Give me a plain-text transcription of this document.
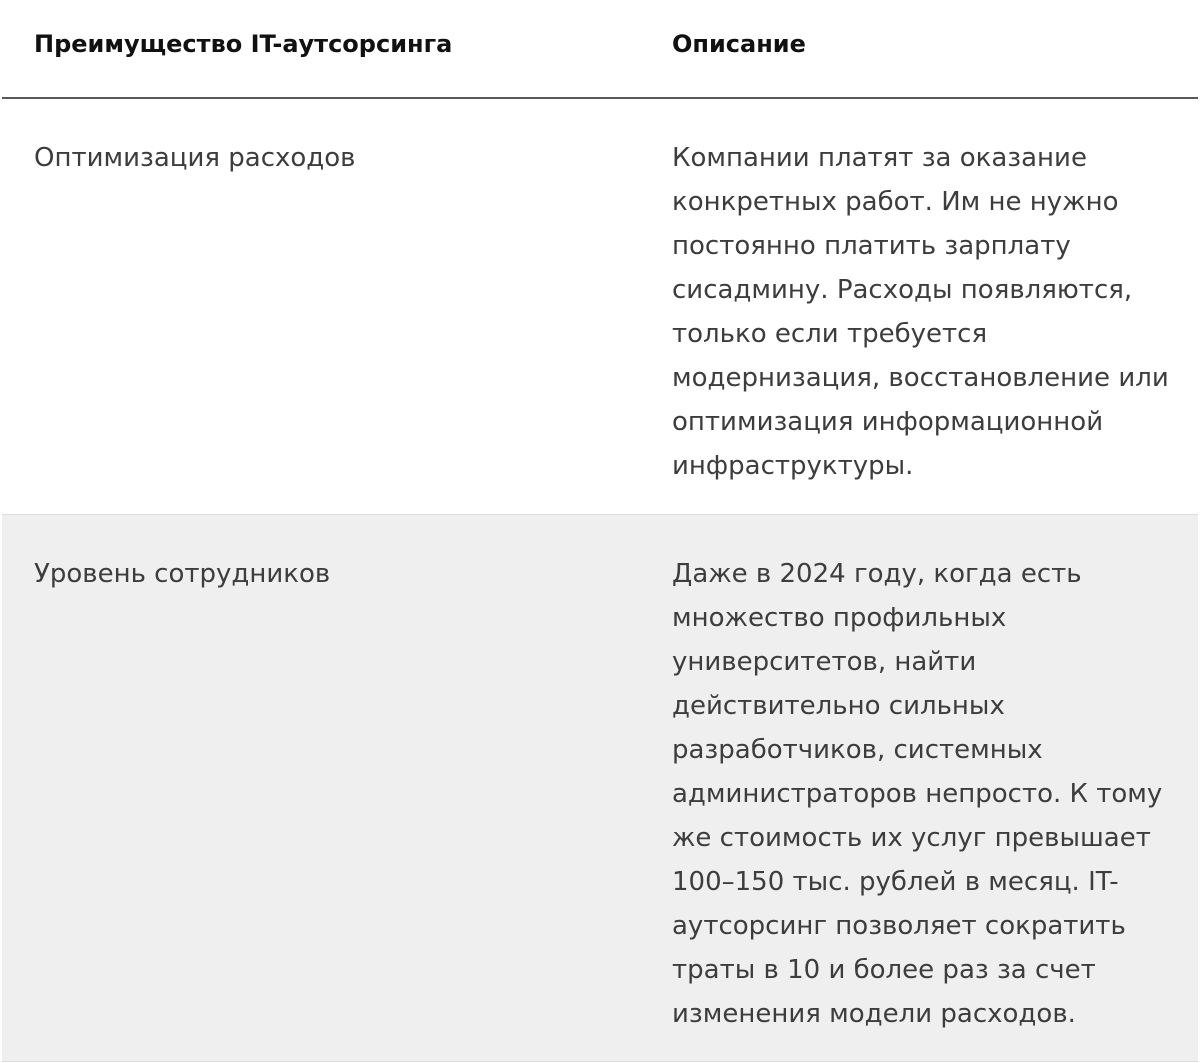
Преимущество IT-аутсорсинга	Описание
Оптимизация расходов	Компании платят за оказание
конкретных работ. Им не нужно
постоянно платить зарплату
сисадмину. Расходы появляются,
только если требуется
модернизация, восстановление или
оптимизация информационной
инфраструктуры.
Уровень сотрудников	Даже в 2024 году, когда есть
множество профильных
университетов, найти
действительно сильных
разработчиков, системных
администраторов непросто. К тому
же стоимость их услуг превышает
100–150 тыс. рублей в месяц. IT-
аутсорсинг позволяет сократить
траты в 10 и более раз за счет
изменения модели расходов.
